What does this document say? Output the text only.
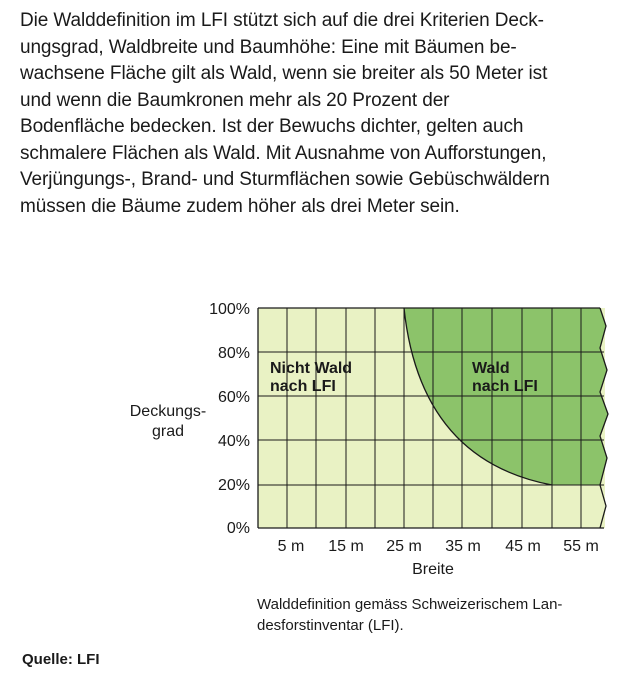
Die Walddefinition im LFI stützt sich auf die drei Kriterien Deck-
ungsgrad, Waldbreite und Baumhöhe: Eine mit Bäumen be-
wachsene Fläche gilt als Wald, wenn sie breiter als 50 Meter ist
und wenn die Baumkronen mehr als 20 Prozent der
Bodenfläche bedecken. Ist der Bewuchs dichter, gelten auch
schmalere Flächen als Wald. Mit Ausnahme von Aufforstungen,
Verjüngungs-, Brand- und Sturmflächen sowie Gebüschwäldern
müssen die Bäume zudem höher als drei Meter sein.

0%
20%
40%
60%
80%
100%
5 m 15 m 25 m 35 m 45 m 55 m
Breite
Deckungs-
grad
Nicht Wald
nach LFI
Wald
nach LFI

Walddefinition gemäss Schweizerischem Lan-
desforstinventar (LFI).

Quelle: LFI
